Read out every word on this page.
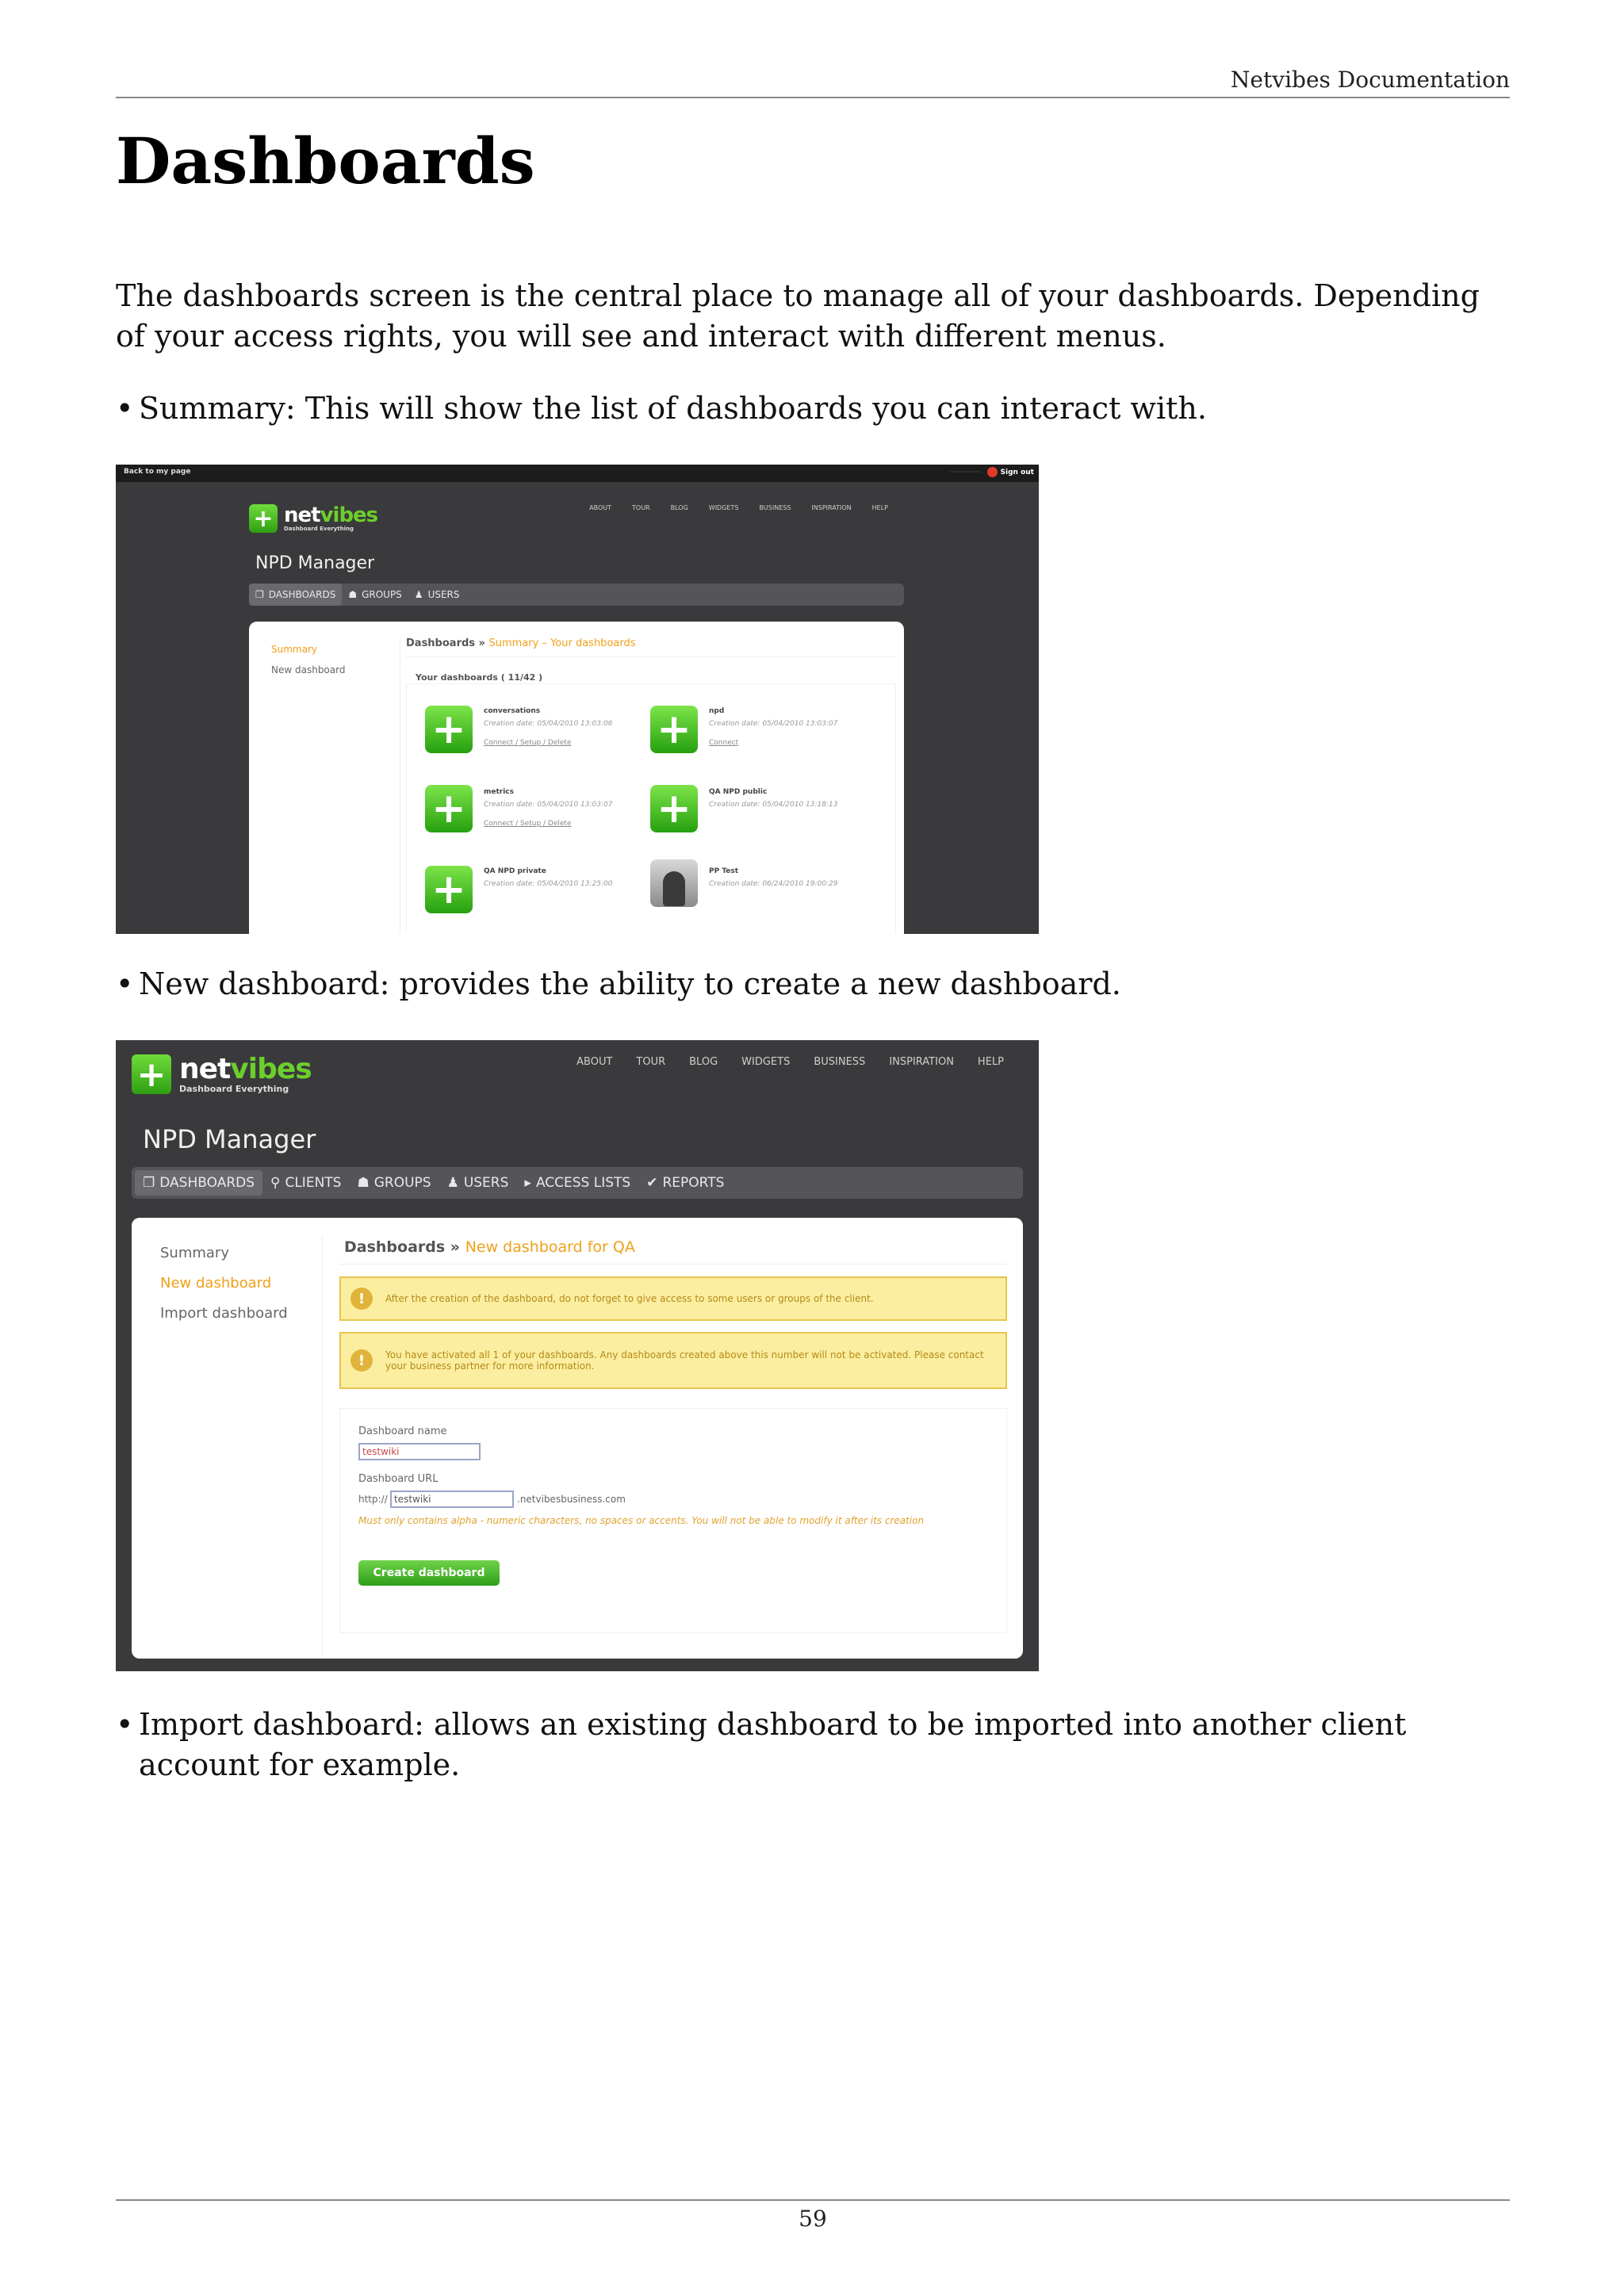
Netvibes Documentation
Dashboards

The dashboards screen is the central place to manage all of your dashboards. Depending of your access rights, you will see and interact with different menus.

• Summary: This will show the list of dashboards you can interact with.

Back to my page	················	Sign out
+ netvibes
Dashboard Everything
ABOUT	TOUR	BLOG	WIDGETS	BUSINESS	INSPIRATION	HELP
NPD Manager
❐ DASHBOARDS ☗ GROUPS ♟ USERS
Summary
New dashboard
Dashboards » Summary – Your dashboards
Your dashboards ( 11/42 )
+	conversations
Creation date: 05/04/2010 13:03:06
Connect / Setup / Delete +	npd
Creation date: 05/04/2010 13:03:07
Connect
+	metrics
Creation date: 05/04/2010 13:03:07
Connect / Setup / Delete +	QA NPD public
Creation date: 05/04/2010 13:18:13
+	QA NPD private
Creation date: 05/04/2010 13:25:00
PP Test
Creation date: 06/24/2010 19:00:29

• New dashboard: provides the ability to create a new dashboard.

+ netvibes
Dashboard Everything
ABOUT TOUR BLOG WIDGETS BUSINESS INSPIRATION HELP
NPD Manager
❐ DASHBOARDS ⚲ CLIENTS ☗ GROUPS ♟ USERS ▸ ACCESS LISTS ✔ REPORTS
Summary
New dashboard
Import dashboard
Dashboards » New dashboard for QA
!	After the creation of the dashboard, do not forget to give access to some users or groups of the client.
!	You have activated all 1 of your dashboards. Any dashboards created above this number will not be activated. Please contact your business partner for more information.
Dashboard name
testwiki
Dashboard URL
http://
testwiki	.netvibesbusiness.com
Must only contains alpha - numeric characters, no spaces or accents. You will not be able to modify it after its creation
Create dashboard

• Import dashboard: allows an existing dashboard to be imported into another client account for example.

59
